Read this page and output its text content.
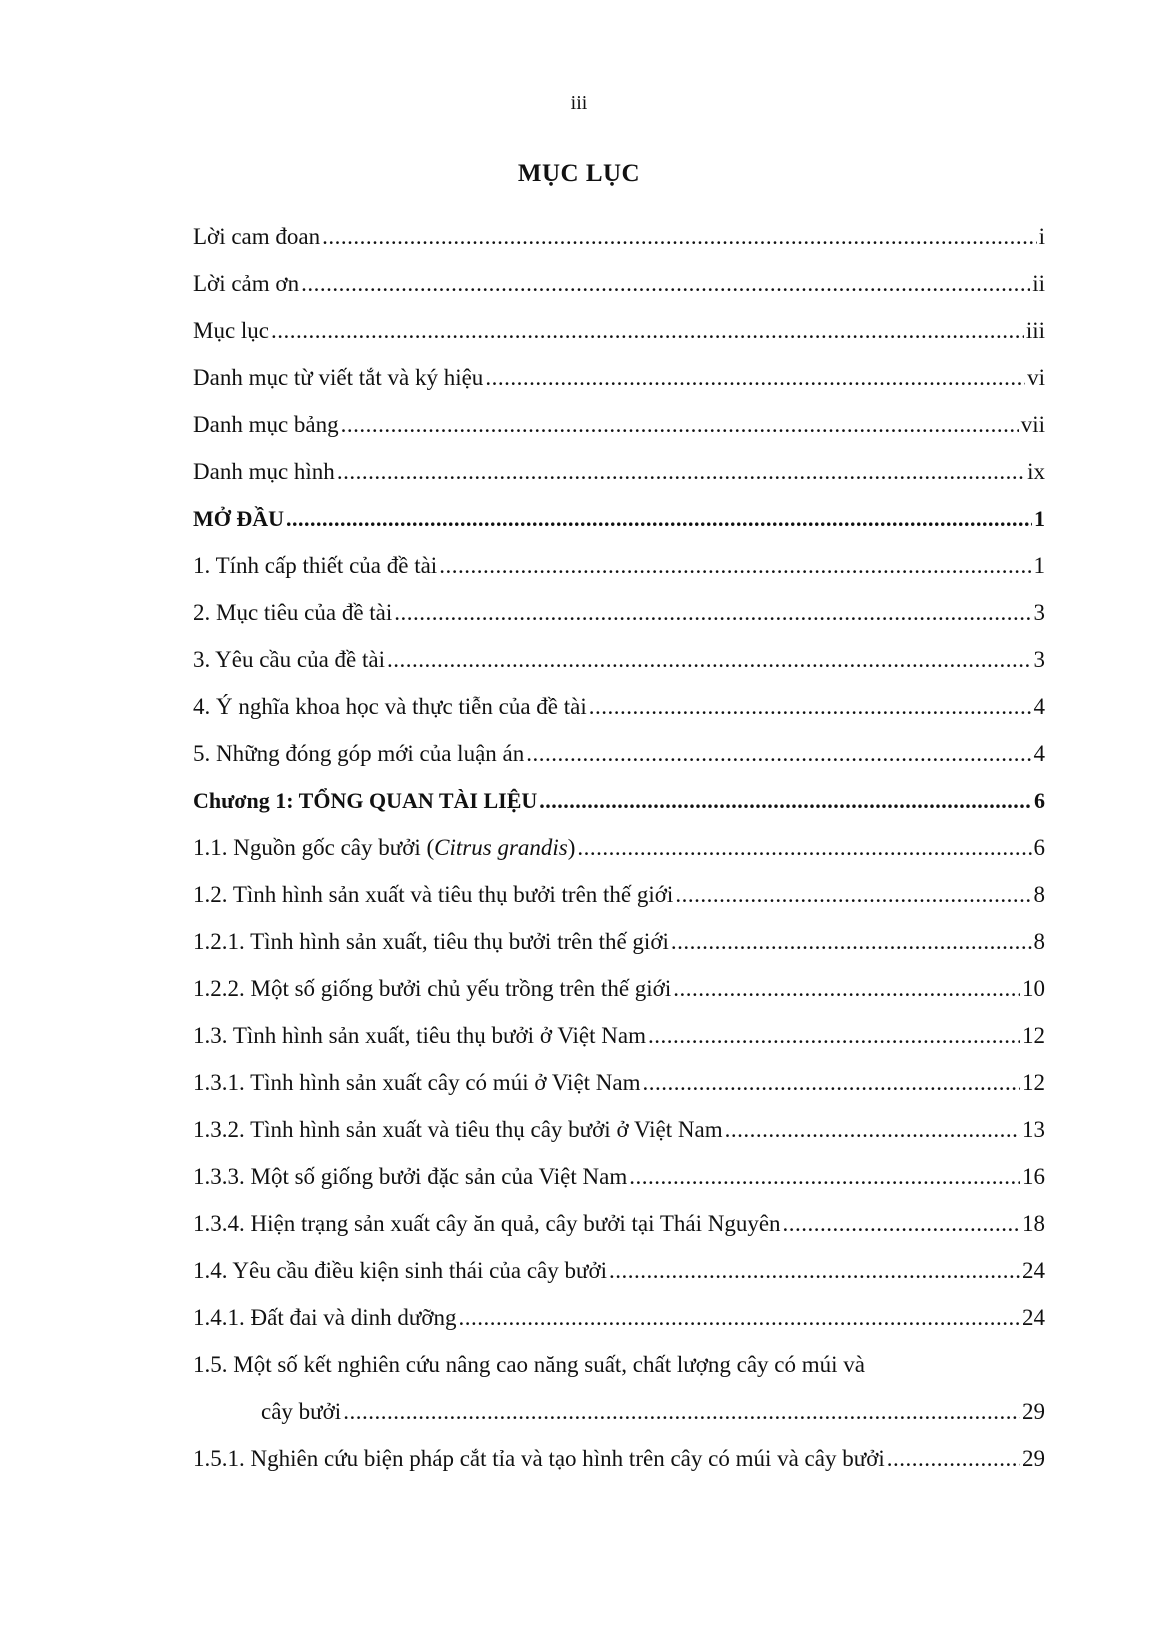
iii
MỤC LỤC
Lời cam đoan .....	i
Lời cảm ơn .....	ii
Mục lục .....	iii
Danh mục từ viết tắt và ký hiệu .....	vi
Danh mục bảng .....	vii
Danh mục hình .....	ix
MỞ ĐẦU .....	1
1. Tính cấp thiết của đề tài .....	1
2. Mục tiêu của đề tài .....	3
3. Yêu cầu của đề tài .....	3
4. Ý nghĩa khoa học và thực tiễn của đề tài .....	4
5. Những đóng góp mới của luận án .....	4
Chương 1: TỔNG QUAN TÀI LIỆU .....	6
1.1. Nguồn gốc cây bưởi (Citrus grandis) .....	6
1.2. Tình hình sản xuất và tiêu thụ bưởi trên thế giới .....	8
1.2.1. Tình hình sản xuất, tiêu thụ bưởi trên thế giới .....	8
1.2.2. Một số giống bưởi chủ yếu trồng trên thế giới .....	10
1.3. Tình hình sản xuất, tiêu thụ bưởi ở Việt Nam .....	12
1.3.1. Tình hình sản xuất cây có múi ở Việt Nam .....	12
1.3.2. Tình hình sản xuất và tiêu thụ cây bưởi ở Việt Nam .....	13
1.3.3. Một số giống bưởi đặc sản của Việt Nam .....	16
1.3.4. Hiện trạng sản xuất cây ăn quả, cây bưởi tại Thái Nguyên .....	18
1.4. Yêu cầu điều kiện sinh thái của cây bưởi .....	24
1.4.1. Đất đai và dinh dưỡng .....	24
1.5. Một số kết nghiên cứu nâng cao năng suất, chất lượng cây có múi và
cây bưởi .....	29
1.5.1. Nghiên cứu biện pháp cắt tỉa và tạo hình trên cây có múi và cây bưởi .....	29
